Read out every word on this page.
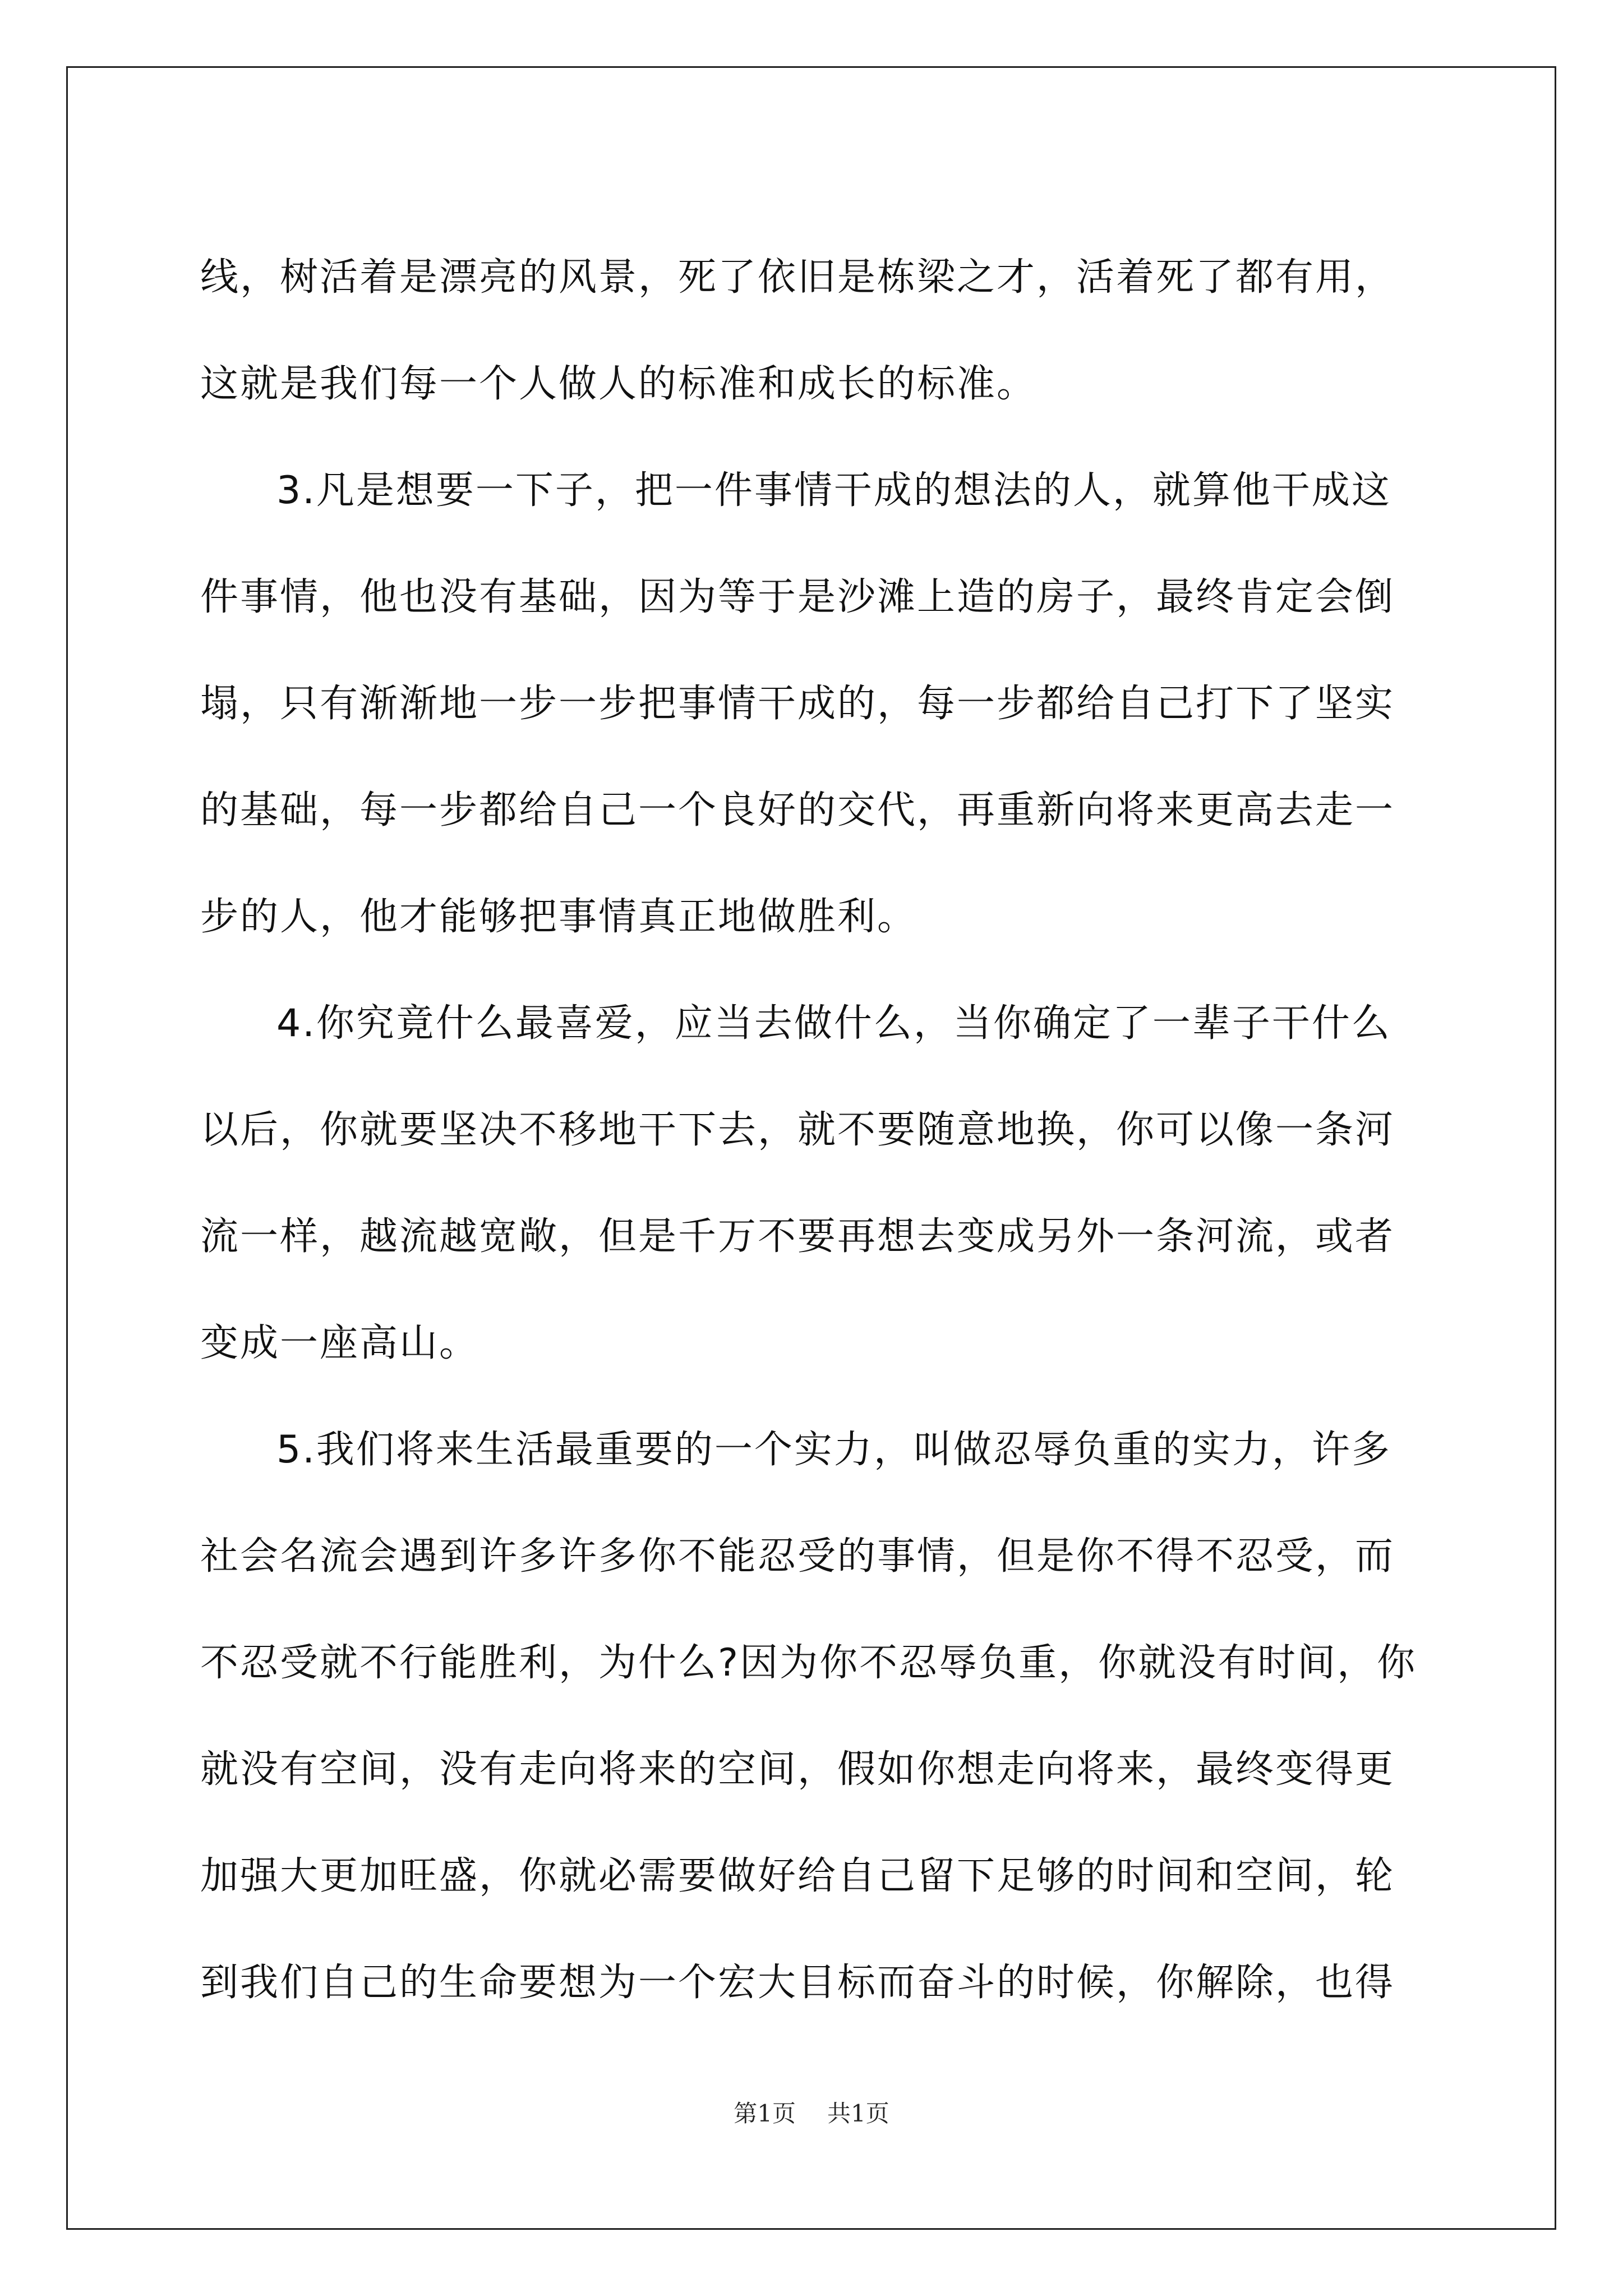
线，树活着是漂亮的风景，死了依旧是栋梁之才，活着死了都有用，
这就是我们每一个人做人的标准和成长的标准。
3.凡是想要一下子，把一件事情干成的想法的人，就算他干成这
件事情，他也没有基础，因为等于是沙滩上造的房子，最终肯定会倒
塌，只有渐渐地一步一步把事情干成的，每一步都给自己打下了坚实
的基础，每一步都给自己一个良好的交代，再重新向将来更高去走一
步的人，他才能够把事情真正地做胜利。
4.你究竟什么最喜爱，应当去做什么，当你确定了一辈子干什么
以后，你就要坚决不移地干下去，就不要随意地换，你可以像一条河
流一样，越流越宽敞，但是千万不要再想去变成另外一条河流，或者
变成一座高山。
5.我们将来生活最重要的一个实力，叫做忍辱负重的实力，许多
社会名流会遇到许多许多你不能忍受的事情，但是你不得不忍受，而
不忍受就不行能胜利，为什么?因为你不忍辱负重，你就没有时间，你
就没有空间，没有走向将来的空间，假如你想走向将来，最终变得更
加强大更加旺盛，你就必需要做好给自己留下足够的时间和空间，轮
到我们自己的生命要想为一个宏大目标而奋斗的时候，你解除，也得
第1页 共1页
